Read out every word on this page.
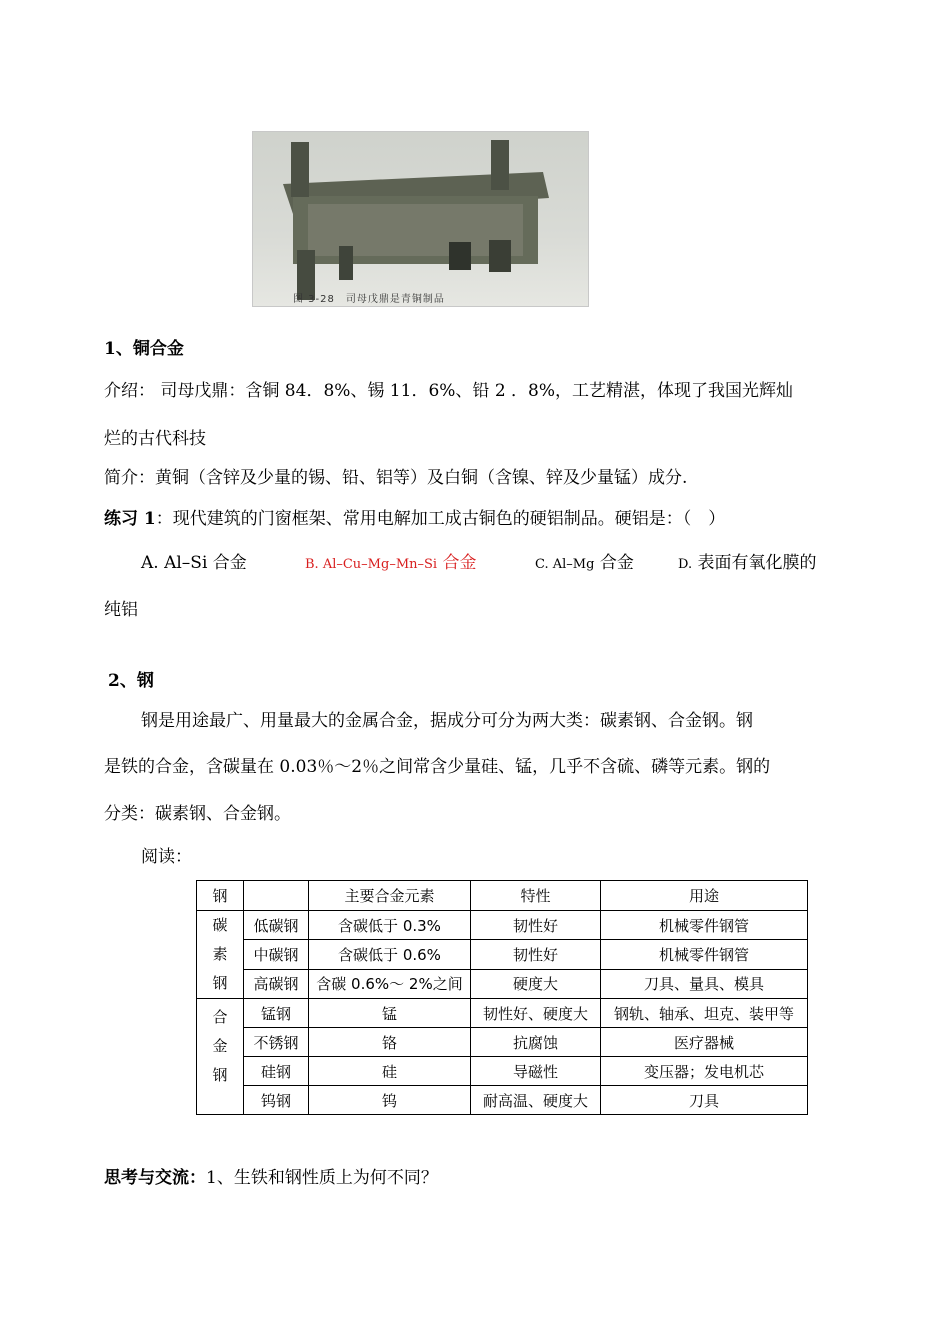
图 3-28　司母戊鼎是青铜制品
1、铜合金
介绍： 司母戊鼎：含铜 84．8%、锡 11．6%、铅 2 ．8%，工艺精湛，体现了我国光辉灿
烂的古代科技
简介：黄铜（含锌及少量的锡、铅、铝等）及白铜（含镍、锌及少量锰）成分.
练习 1：现代建筑的门窗框架、常用电解加工成古铜色的硬铝制品。硬铝是：（　）
A. Al–Si 合金	B. Al–Cu–Mg–Mn–Si 合金	C. Al–Mg 合金	D. 表面有氧化膜的
纯铝
2、钢
钢是用途最广、用量最大的金属合金，据成分可分为两大类：碳素钢、合金钢。钢
是铁的合金，含碳量在 0.03％～2％之间常含少量硅、锰，几乎不含硫、磷等元素。钢的
分类：碳素钢、合金钢。
阅读：
钢		主要合金元素	特性	用途

碳
素
钢	低碳钢	含碳低于 0.3%	韧性好	机械零件钢管
	中碳钢	含碳低于 0.6%	韧性好	机械零件钢管
	高碳钢	含碳 0.6%～ 2%之间	硬度大	刀具、量具、模具

合
金
钢	锰钢	锰	韧性好、硬度大	钢轨、轴承、坦克、装甲等
	不锈钢	铬	抗腐蚀	医疗器械
	硅钢	硅	导磁性	变压器；发电机芯
	钨钢	钨	耐高温、硬度大	刀具
思考与交流：1、生铁和钢性质上为何不同？
